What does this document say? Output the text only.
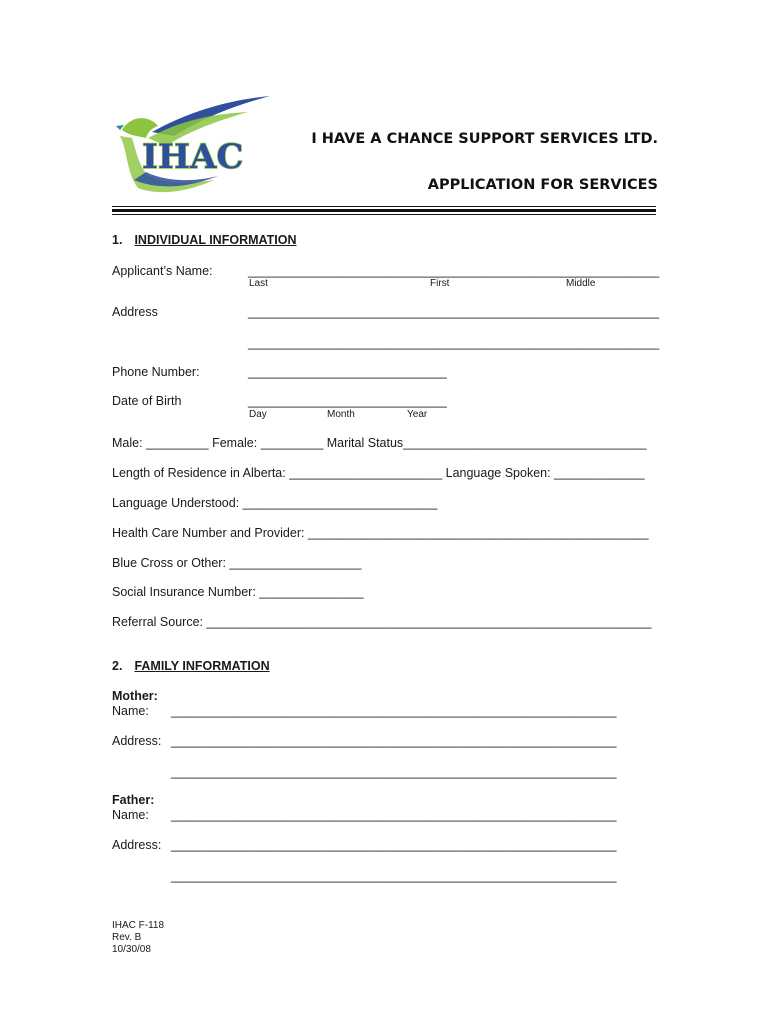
IHAC	I HAVE A CHANCE SUPPORT SERVICES LTD.
APPLICATION FOR SERVICES
1. INDIVIDUAL INFORMATION
Applicant’s Name:	____________________________________________________________
Last	First	Middle
Address	____________________________________________________________
____________________________________________________________
Phone Number:	_____________________________
Date of Birth	_____________________________
Day	Month	Year
Male: _________ Female: _________ Marital Status___________________________________
Length of Residence in Alberta: ______________________ Language Spoken: _____________
Language Understood: ____________________________
Health Care Number and Provider: _________________________________________________
Blue Cross or Other: ___________________
Social Insurance Number: _______________
Referral Source: ________________________________________________________________
2. FAMILY INFORMATION
Mother:
Name: _________________________________________________________________
Address: _________________________________________________________________
_________________________________________________________________
Father:
Name: _________________________________________________________________
Address: _________________________________________________________________
_________________________________________________________________
IHAC F-118
Rev. B
10/30/08
